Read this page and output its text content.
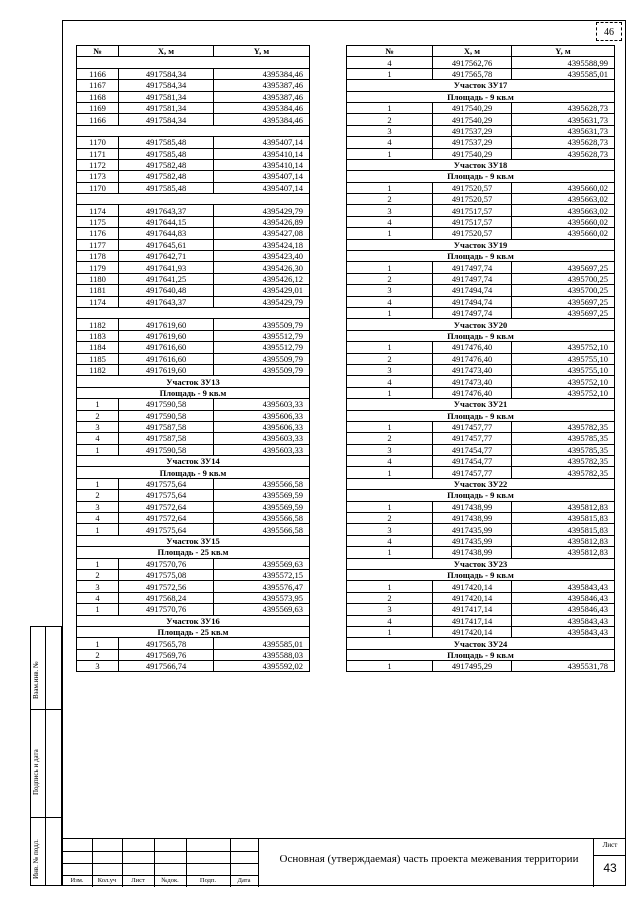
46
№	X, м	Y, м

1166	4917584,34	4395384,46
1167	4917584,34	4395387,46
1168	4917581,34	4395387,46
1169	4917581,34	4395384,46
1166	4917584,34	4395384,46

1170	4917585,48	4395407,14
1171	4917585,48	4395410,14
1172	4917582,48	4395410,14
1173	4917582,48	4395407,14
1170	4917585,48	4395407,14

1174	4917643,37	4395429,79
1175	4917644,15	4395426,89
1176	4917644,83	4395427,08
1177	4917645,61	4395424,18
1178	4917642,71	4395423,40
1179	4917641,93	4395426,30
1180	4917641,25	4395426,12
1181	4917640,48	4395429,01
1174	4917643,37	4395429,79

1182	4917619,60	4395509,79
1183	4917619,60	4395512,79
1184	4917616,60	4395512,79
1185	4917616,60	4395509,79
1182	4917619,60	4395509,79
Участок ЗУ13		
Площадь - 9 кв.м		
1	4917590,58	4395603,33
2	4917590,58	4395606,33
3	4917587,58	4395606,33
4	4917587,58	4395603,33
1	4917590,58	4395603,33
Участок ЗУ14		
Площадь - 9 кв.м		
1	4917575,64	4395566,58
2	4917575,64	4395569,59
3	4917572,64	4395569,59
4	4917572,64	4395566,58
1	4917575,64	4395566,58
Участок ЗУ15		
Площадь - 25 кв.м		
1	4917570,76	4395569,63
2	4917575,08	4395572,15
3	4917572,56	4395576,47
4	4917568,24	4395573,95
1	4917570,76	4395569,63
Участок ЗУ16		
Площадь - 25 кв.м		
1	4917565,78	4395585,01
2	4917569,76	4395588,03
3	4917566,74	4395592,02
№	X, м	Y, м
4	4917562,76	4395588,99
1	4917565,78	4395585,01
Участок ЗУ17		
Площадь - 9 кв.м		
1	4917540,29	4395628,73
2	4917540,29	4395631,73
3	4917537,29	4395631,73
4	4917537,29	4395628,73
1	4917540,29	4395628,73
Участок ЗУ18		
Площадь - 9 кв.м		
1	4917520,57	4395660,02
2	4917520,57	4395663,02
3	4917517,57	4395663,02
4	4917517,57	4395660,02
1	4917520,57	4395660,02
Участок ЗУ19		
Площадь - 9 кв.м		
1	4917497,74	4395697,25
2	4917497,74	4395700,25
3	4917494,74	4395700,25
4	4917494,74	4395697,25
1	4917497,74	4395697,25
Участок ЗУ20		
Площадь - 9 кв.м		
1	4917476,40	4395752,10
2	4917476,40	4395755,10
3	4917473,40	4395755,10
4	4917473,40	4395752,10
1	4917476,40	4395752,10
Участок ЗУ21		
Площадь - 9 кв.м		
1	4917457,77	4395782,35
2	4917457,77	4395785,35
3	4917454,77	4395785,35
4	4917454,77	4395782,35
1	4917457,77	4395782,35
Участок ЗУ22		
Площадь - 9 кв.м		
1	4917438,99	4395812,83
2	4917438,99	4395815,83
3	4917435,99	4395815,83
4	4917435,99	4395812,83
1	4917438,99	4395812,83
Участок ЗУ23		
Площадь - 9 кв.м		
1	4917420,14	4395843,43
2	4917420,14	4395846,43
3	4917417,14	4395846,43
4	4917417,14	4395843,43
1	4917420,14	4395843,43
Участок ЗУ24		
Площадь - 9 кв.м		
1	4917495,29	4395531,78
Взам.инв. №
Подпись и дата
Инв. № подл.
Изм.	Кол.уч	Лист	№док.	Подп.	Дата
Основная (утверждаемая) часть проекта межевания территории
Лист
43
